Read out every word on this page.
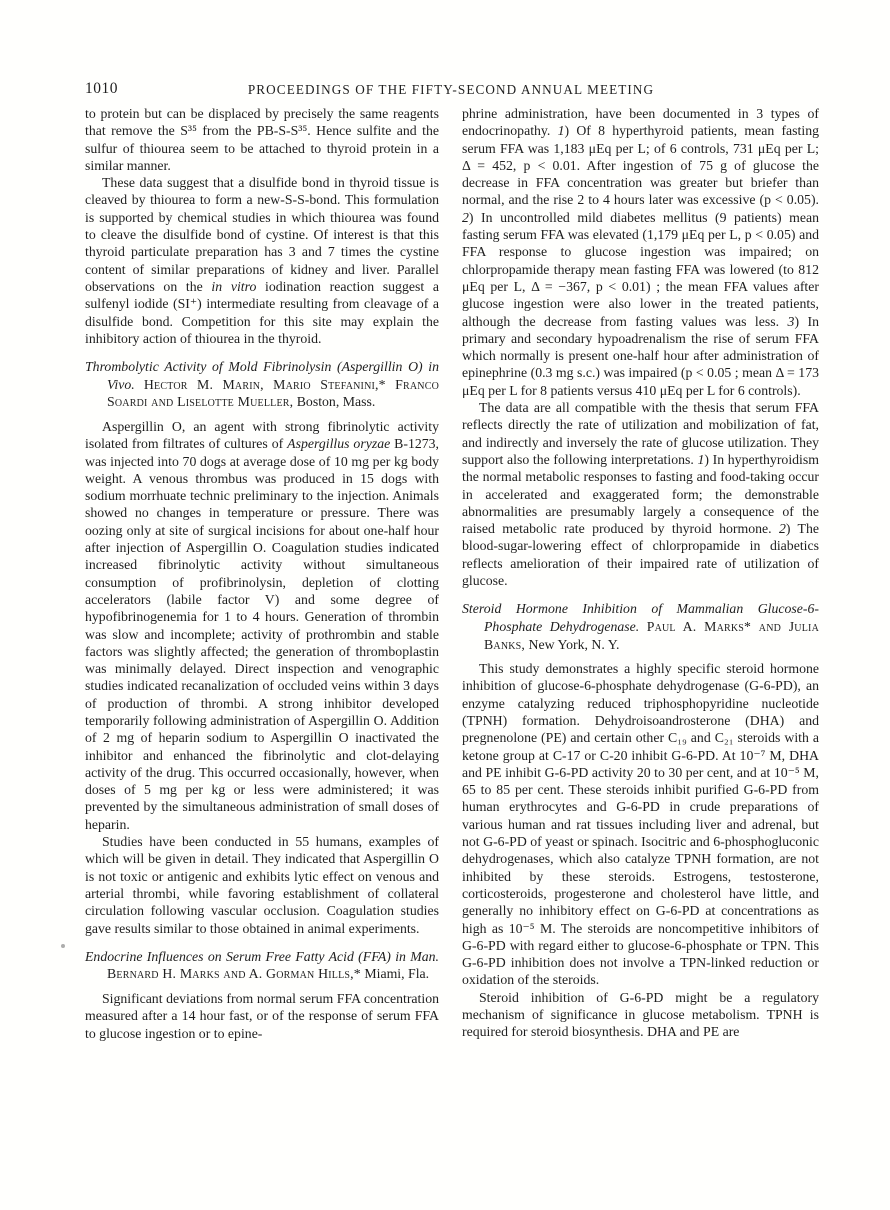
1010	PROCEEDINGS OF THE FIFTY-SECOND ANNUAL MEETING

to protein but can be displaced by precisely the same reagents that remove the S³⁵ from the PB-S-S³⁵. Hence sulfite and the sulfur of thiourea seem to be attached to thyroid protein in a similar manner.

These data suggest that a disulfide bond in thyroid tissue is cleaved by thiourea to form a new-S-S-bond. This formulation is supported by chemical studies in which thiourea was found to cleave the disulfide bond of cystine. Of interest is that this thyroid particulate preparation has 3 and 7 times the cystine content of similar preparations of kidney and liver. Parallel observations on the in vitro iodination reaction suggest a sulfenyl iodide (SI⁺) intermediate resulting from cleavage of a disulfide bond. Competition for this site may explain the inhibitory action of thiourea in the thyroid.

Thrombolytic Activity of Mold Fibrinolysin (Aspergillin O) in Vivo. Hector M. Marin, Mario Stefanini,* Franco Soardi and Liselotte Mueller, Boston, Mass.

Aspergillin O, an agent with strong fibrinolytic activity isolated from filtrates of cultures of Aspergillus oryzae B-1273, was injected into 70 dogs at average dose of 10 mg per kg body weight. A venous thrombus was produced in 15 dogs with sodium morrhuate technic preliminary to the injection. Animals showed no changes in temperature or pressure. There was oozing only at site of surgical incisions for about one-half hour after injection of Aspergillin O. Coagulation studies indicated increased fibrinolytic activity without simultaneous consumption of profibrinolysin, depletion of clotting accelerators (labile factor V) and some degree of hypofibrinogenemia for 1 to 4 hours. Generation of thrombin was slow and incomplete; activity of prothrombin and stable factors was slightly affected; the generation of thromboplastin was minimally delayed. Direct inspection and venographic studies indicated recanalization of occluded veins within 3 days of production of thrombi. A strong inhibitor developed temporarily following administration of Aspergillin O. Addition of 2 mg of heparin sodium to Aspergillin O inactivated the inhibitor and enhanced the fibrinolytic and clot-delaying activity of the drug. This occurred occasionally, however, when doses of 5 mg per kg or less were administered; it was prevented by the simultaneous administration of small doses of heparin.

Studies have been conducted in 55 humans, examples of which will be given in detail. They indicated that Aspergillin O is not toxic or antigenic and exhibits lytic effect on venous and arterial thrombi, while favoring establishment of collateral circulation following vascular occlusion. Coagulation studies gave results similar to those obtained in animal experiments.

Endocrine Influences on Serum Free Fatty Acid (FFA) in Man. Bernard H. Marks and A. Gorman Hills,* Miami, Fla.

Significant deviations from normal serum FFA concentration measured after a 14 hour fast, or of the response of serum FFA to glucose ingestion or to epine-

phrine administration, have been documented in 3 types of endocrinopathy. 1) Of 8 hyperthyroid patients, mean fasting serum FFA was 1,183 μEq per L; of 6 controls, 731 μEq per L; Δ = 452, p < 0.01. After ingestion of 75 g of glucose the decrease in FFA concentration was greater but briefer than normal, and the rise 2 to 4 hours later was excessive (p < 0.05). 2) In uncontrolled mild diabetes mellitus (9 patients) mean fasting serum FFA was elevated (1,179 μEq per L, p < 0.05) and FFA response to glucose ingestion was impaired; on chlorpropamide therapy mean fasting FFA was lowered (to 812 μEq per L, Δ = −367, p < 0.01) ; the mean FFA values after glucose ingestion were also lower in the treated patients, although the decrease from fasting values was less. 3) In primary and secondary hypoadrenalism the rise of serum FFA which normally is present one-half hour after administration of epinephrine (0.3 mg s.c.) was impaired (p < 0.05 ; mean Δ = 173 μEq per L for 8 patients versus 410 μEq per L for 6 controls).

The data are all compatible with the thesis that serum FFA reflects directly the rate of utilization and mobilization of fat, and indirectly and inversely the rate of glucose utilization. They support also the following interpretations. 1) In hyperthyroidism the normal metabolic responses to fasting and food-taking occur in accelerated and exaggerated form; the demonstrable abnormalities are presumably largely a consequence of the raised metabolic rate produced by thyroid hormone. 2) The blood-sugar-lowering effect of chlorpropamide in diabetics reflects amelioration of their impaired rate of utilization of glucose.

Steroid Hormone Inhibition of Mammalian Glucose-6-Phosphate Dehydrogenase. Paul A. Marks* and Julia Banks, New York, N. Y.

This study demonstrates a highly specific steroid hormone inhibition of glucose-6-phosphate dehydrogenase (G-6-PD), an enzyme catalyzing reduced triphosphopyridine nucleotide (TPNH) formation. Dehydroisoandrosterone (DHA) and pregnenolone (PE) and certain other C₁₉ and C₂₁ steroids with a ketone group at C-17 or C-20 inhibit G-6-PD. At 10⁻⁷ M, DHA and PE inhibit G-6-PD activity 20 to 30 per cent, and at 10⁻⁵ M, 65 to 85 per cent. These steroids inhibit purified G-6-PD from human erythrocytes and G-6-PD in crude preparations of various human and rat tissues including liver and adrenal, but not G-6-PD of yeast or spinach. Isocitric and 6-phosphogluconic dehydrogenases, which also catalyze TPNH formation, are not inhibited by these steroids. Estrogens, testosterone, corticosteroids, progesterone and cholesterol have little, and generally no inhibitory effect on G-6-PD at concentrations as high as 10⁻⁵ M. The steroids are noncompetitive inhibitors of G-6-PD with regard either to glucose-6-phosphate or TPN. This G-6-PD inhibition does not involve a TPN-linked reduction or oxidation of the steroids.

Steroid inhibition of G-6-PD might be a regulatory mechanism of significance in glucose metabolism. TPNH is required for steroid biosynthesis. DHA and PE are
